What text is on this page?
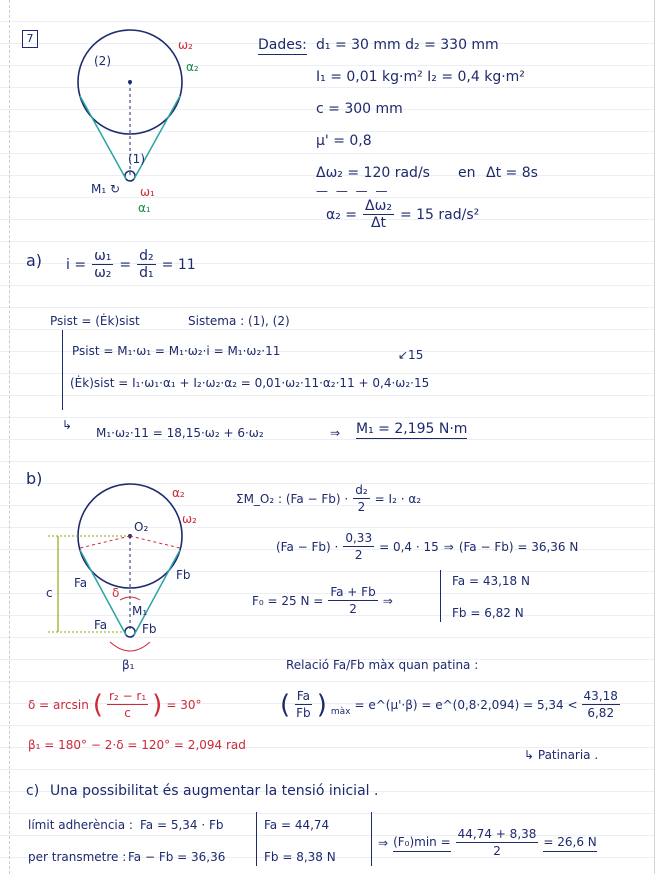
7
(2)
(1)
ω₂
α₂
M₁ ↻ ω₁
α₁
Dades: d₁ = 30 mm d₂ = 330 mm
I₁ = 0,01 kg·m² I₂ = 0,4 kg·m²
c = 300 mm
μ' = 0,8
Δω₂ = 120 rad/s en Δt = 8s
— — — —
$\alpha_2 = \frac{\text{Δω₂}}{\Delta t} = 15$ rad/s²
a) $i = \frac{\text{ω₁}}{\text{ω₂}} = \frac{\text{d₂}}{\text{d₁}} = 11$
Psist = (Ėk)sist	Sistema : (1), (2)
Psist = M₁·ω₁ = M₁·ω₂·i = M₁·ω₂·11	↙15
(Ėk)sist = I₁·ω₁·α₁ + I₂·ω₂·α₂ = 0,01·ω₂·11·α₂·11 + 0,4·ω₂·15
↳
M₁·ω₂·11 = 18,15·ω₂ + 6·ω₂	⇒ M₁ = 2,195 N·m
b)
α₂
ω₂
O₂
Fa
Fb
c	δ
M₁
Fa	Fb
β₁
ΣM_O₂ : $(Fa - Fb) \cdot \frac{\text{d₂}}{2} = I_2 \cdot \alpha_2$
$(Fa - Fb) \cdot \frac{0,33}{2} = 0,4 \cdot 15$ ⇒ (Fa − Fb) = 36,36 N
F₀ = 25 $N = \frac{Fa + Fb}{2}$ ⇒
Fa = 43,18 N
Fb = 6,82 N
Relació Fa/Fb màx quan patina :
( $\frac{Fa}{Fb}$ ) màx
= e^(μ'·β) = e^(0,8·2,094) = $5,34 < \frac{43,18}{6,82}$
↳ Patinaria .
δ = arcsin ( $\frac{\text{r₂ − r₁}}{c}$ ) = 30°
β₁ = 180° − 2·δ = 120° = 2,094 rad
c) Una possibilitat és augmentar la tensió inicial .
límit adherència : Fa = 5,34 · Fb
per transmetre : Fa − Fb = 36,36
Fa = 44,74
Fb = 8,38 N
⇒ $(F_0)\min = \frac{44,74 + 8,38}{2} = 26,6$ N
